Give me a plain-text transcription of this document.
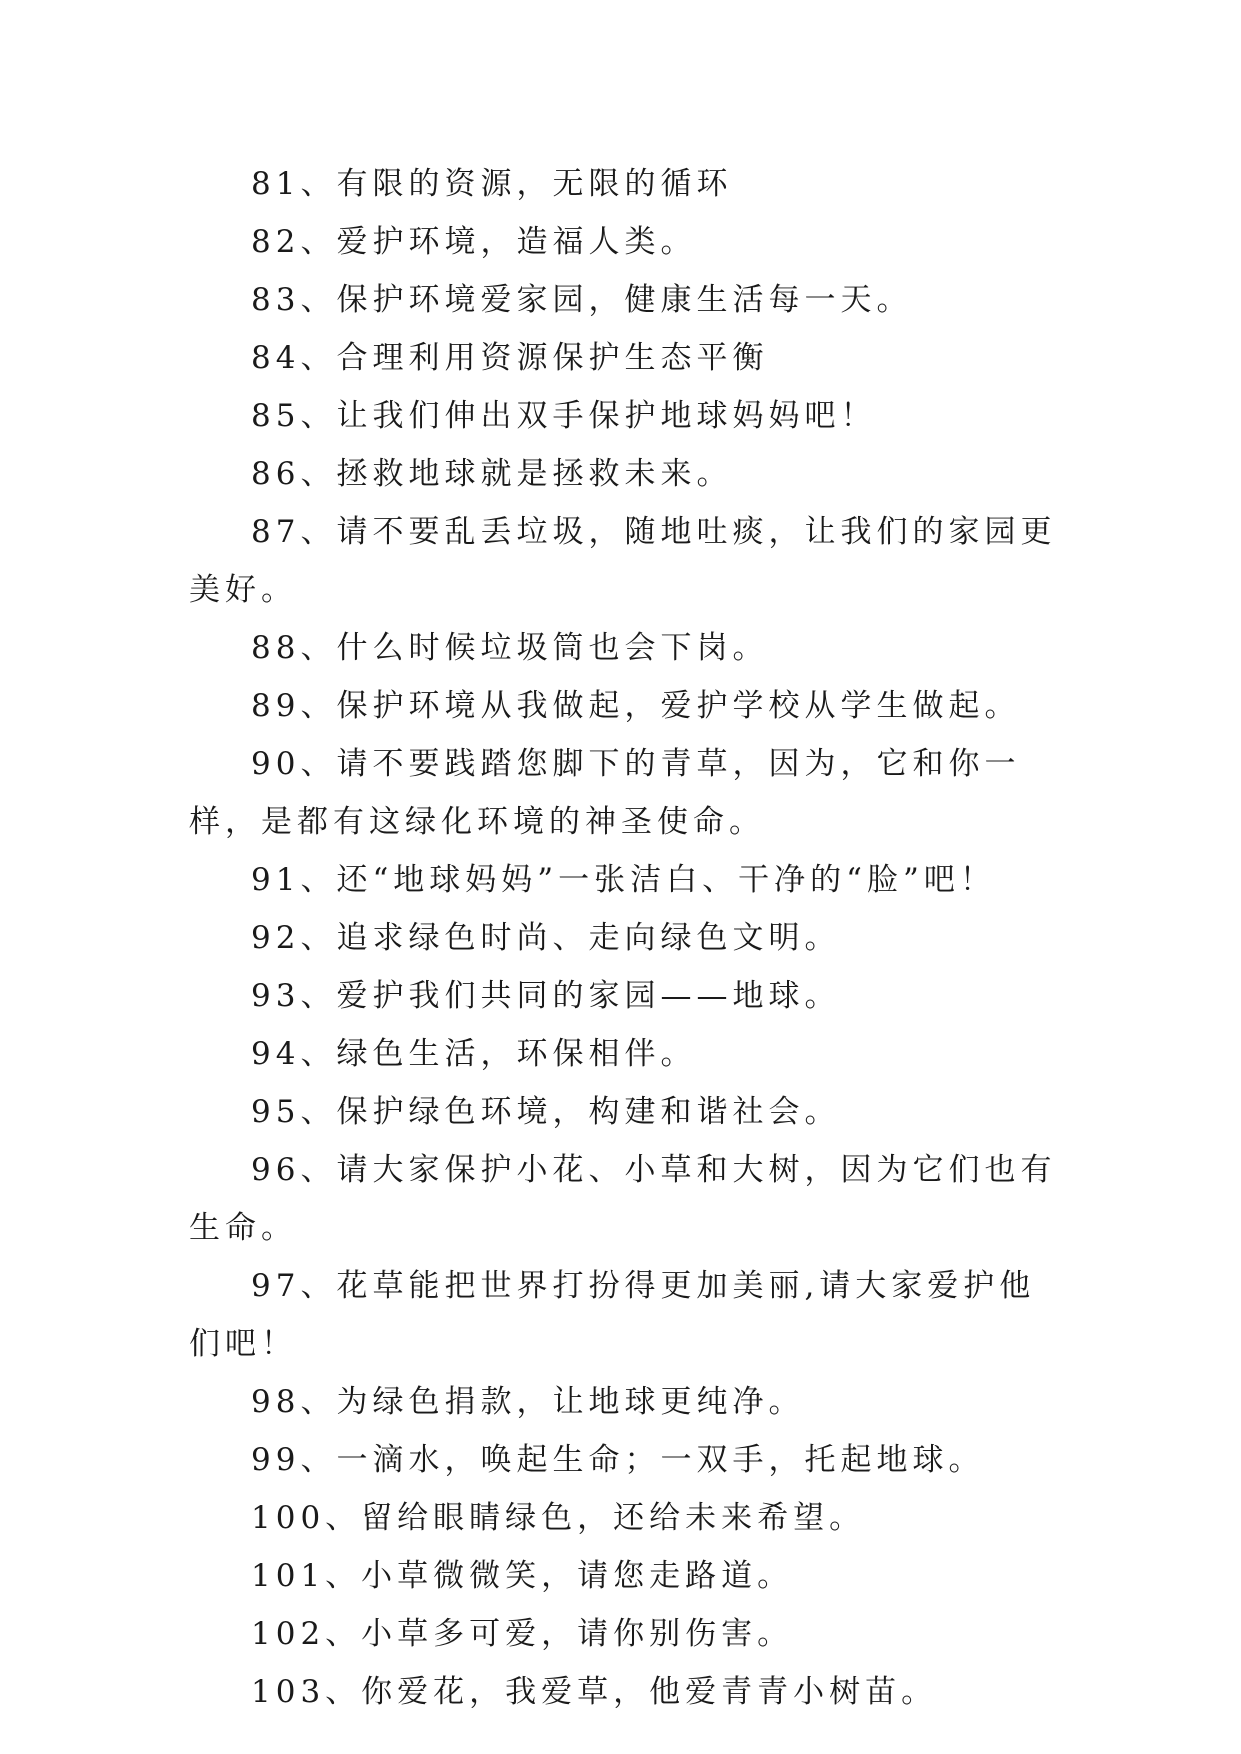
81、有限的资源，无限的循环

82、爱护环境，造福人类。

83、保护环境爱家园，健康生活每一天。

84、合理利用资源保护生态平衡

85、让我们伸出双手保护地球妈妈吧！

86、拯救地球就是拯救未来。

87、请不要乱丢垃圾，随地吐痰，让我们的家园更美好。

88、什么时候垃圾筒也会下岗。

89、保护环境从我做起，爱护学校从学生做起。

90、请不要践踏您脚下的青草，因为，它和你一样，是都有这绿化环境的神圣使命。

91、还“地球妈妈”一张洁白、干净的“脸”吧！

92、追求绿色时尚、走向绿色文明。

93、爱护我们共同的家园——地球。

94、绿色生活，环保相伴。

95、保护绿色环境，构建和谐社会。

96、请大家保护小花、小草和大树，因为它们也有生命。

97、花草能把世界打扮得更加美丽,请大家爱护他们吧！

98、为绿色捐款，让地球更纯净。

99、一滴水，唤起生命；一双手，托起地球。

100、留给眼睛绿色，还给未来希望。

101、小草微微笑，请您走路道。

102、小草多可爱，请你别伤害。

103、你爱花，我爱草，他爱青青小树苗。
